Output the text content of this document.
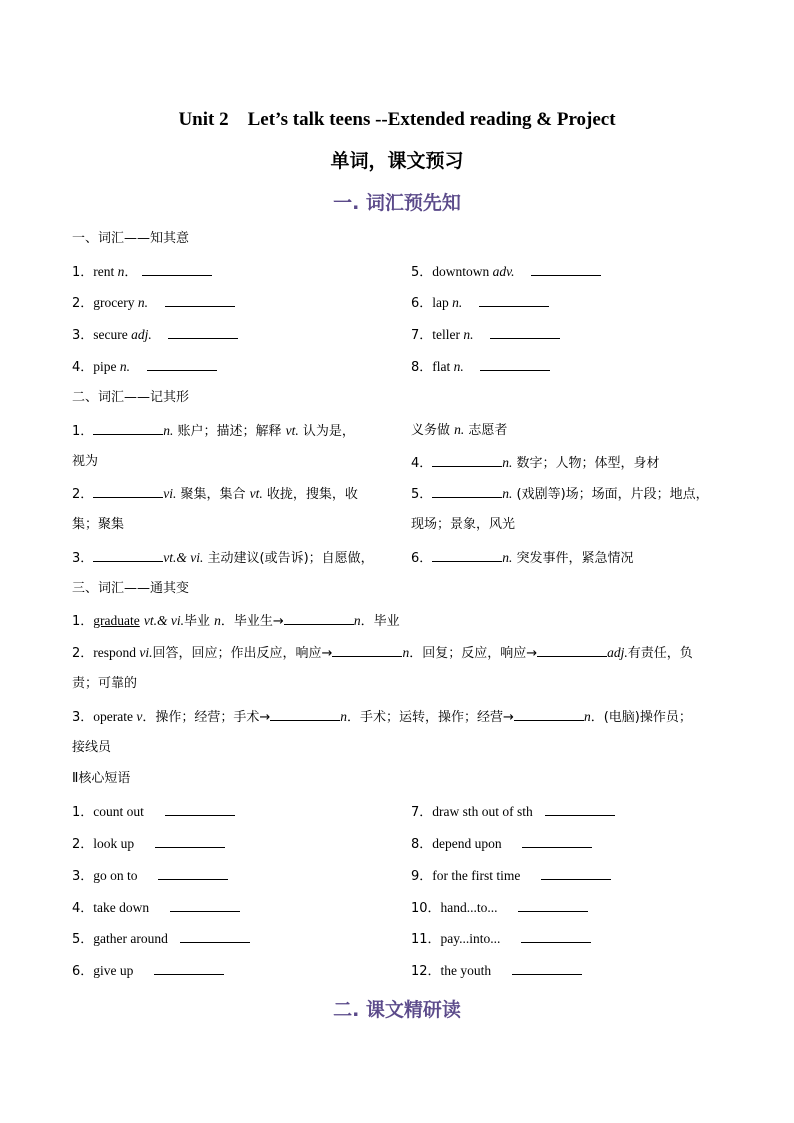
Unit 2　Let’s talk teens --Extended reading & Project
单词，课文预习
一. 词汇预先知
一、词汇——知其意
1．rent n．
2．grocery n.
3．secure adj.
4．pipe n.
5．downtown adv.
6．lap n.
7．teller n.
8．flat n.
二、词汇——记其形
1．	n. 账户；描述；解释 vt. 认为是，
视为
2．	vi. 聚集，集合 vt. 收拢，搜集，收
集；聚集
3．	vt.& vi. 主动建议(或告诉)；自愿做，
义务做 n. 志愿者
4．	n. 数字；人物；体型，身材
5．	n. (戏剧等)场；场面，片段；地点，
现场；景象，风光
6．	n. 突发事件，紧急情况
三、词汇——通其变
1．graduate vt.& vi.毕业 n．毕业生→	n．毕业
2．respond vi.回答，回应；作出反应，响应→	n．回复；反应，响应→	adj.有责任，负
责；可靠的
3．operate v．操作；经营；手术→	n．手术；运转，操作；经营→	n．(电脑)操作员；
接线员
Ⅱ核心短语
1．count out
2．look up
3．go on to
4．take down
5．gather around
6．give up
7．draw sth out of sth
8．depend upon
9．for the first time
10．hand...to...
11．pay...into...
12．the youth
二. 课文精研读
